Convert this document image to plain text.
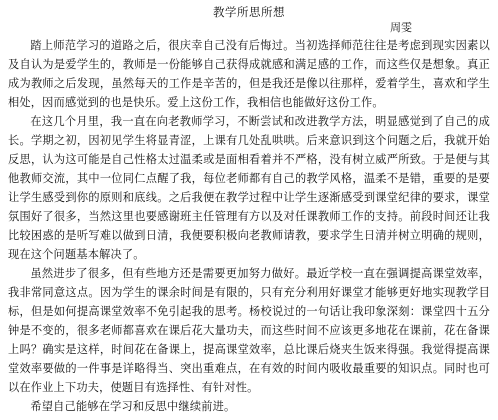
教学所思所想
周雯

踏上师范学习的道路之后，很庆幸自己没有后悔过。当初选择师范往往是考虑到现实因素以及自认为是爱学生的，教师是一份能够自己获得成就感和满足感的工作，而这些仅是想象。真正成为教师之后发现，虽然每天的工作是辛苦的，但是我还是像以往那样，爱着学生，喜欢和学生相处，因而感觉到的也是快乐。爱上这份工作，我相信也能做好这份工作。

在这几个月里，我一直在向老教师学习，不断尝试和改进教学方法，明显感觉到了自己的成长。学期之初，因初见学生将显青涩，上课有几处乱哄哄。后来意识到这个问题之后，我就开始反思，认为这可能是自己性格太过温柔或是面相看着并不严格，没有树立威严所致。于是便与其他教师交流，其中一位同仁点醒了我，每位老师都有自己的教学风格，温柔不是错，重要的是要让学生感受到你的原则和底线。之后我便在教学过程中让学生逐渐感受到课堂纪律的要求，课堂氛围好了很多，当然这里也要感谢班主任管理有方以及对任课教师工作的支持。前段时间还让我比较困惑的是听写难以做到日清，我便要积极向老教师请教，要求学生日清并树立明确的规则，现在这个问题基本解决了。

虽然进步了很多，但有些地方还是需要更加努力做好。最近学校一直在强调提高课堂效率，我非常同意这点。因为学生的课余时间是有限的，只有充分利用好课堂才能够更好地实现教学目标，但是如何提高课堂效率不免引起我的思考。杨校说过的一句话让我印象深刻：课堂四十五分钟是不变的，很多老师都喜欢在课后花大量功夫，而这些时间不应该更多地花在课前，花在备课上吗？确实是这样，时间花在备课上，提高课堂效率，总比课后烧夹生饭来得强。我觉得提高课堂效率要做的一件事是详略得当、突出重难点，在有效的时间内吸收最重要的知识点。同时也可以在作业上下功夫，使题目有选择性、有针对性。

希望自己能够在学习和反思中继续前进。
